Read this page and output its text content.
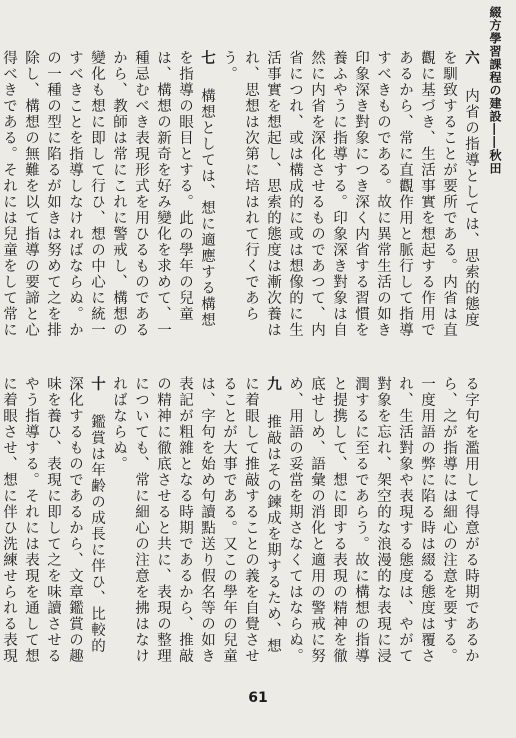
綴方學習課程の建設――秋田
六　内省の指導としては、思索的態度を馴致することが要所である。内省は直觀に基づき、生活事實を想起する作用であるから、常に直觀作用と脈行して指導すべきものである。故に異常生活の如き印象深き對象につき深く内省する習慣を養ふやうに指導する。印象深き對象は自然に内省を深化させるものであつて、内省につれ、或は構成的に或は想像的に生活事實を想起し、思索的態度は漸次養はれ、思想は次第に培はれて行くであらう。
七　構想としては、想に適應する構想を指導の眼目とする。此の學年の兒童は、構想の新奇を好み變化を求めて、一種忌むべき表現形式を用ひるものであるから、教師は常にこれに警戒し、構想の變化も想に即して行ひ、想の中心に統一すべきことを指導しなければならぬ。かの一種の型に陷るが如きは努めて之を排除し、構想の無難を以て指導の要諦と心得べきである。それには兒童をして常に
る字句を濫用して得意がる時期であるから、之が指導には細心の注意を要する。一度用語の弊に陷る時は綴る態度は覆され、生活對象や表現する態度は、やがて對象を忘れ、架空的な浪漫的な表現に浸潤するに至るであらう。故に構想の指導と提携して、想に即する表現の精神を徹底せしめ、語彙の消化と適用の警戒に努め、用語の妥當を期さなくてはならぬ。
九　推敲はその鍊成を期するため、想に着眼して推敲することの義を自覺させることが大事である。又この學年の兒童は、字句を始め句讀點送り假名等の如き表記が粗雜となる時期であるから、推敲の精神に徹底させると共に、表現の整理についても、常に細心の注意を拂はなければならぬ。
十　鑑賞は年齢の成長に伴ひ、比較的深化するものであるから、文章鑑賞の趣味を養ひ、表現に即して之を味讀させるやう指導する。それには表現を通して想に着眼させ、想に伴ひ洗練せられる表現
61
